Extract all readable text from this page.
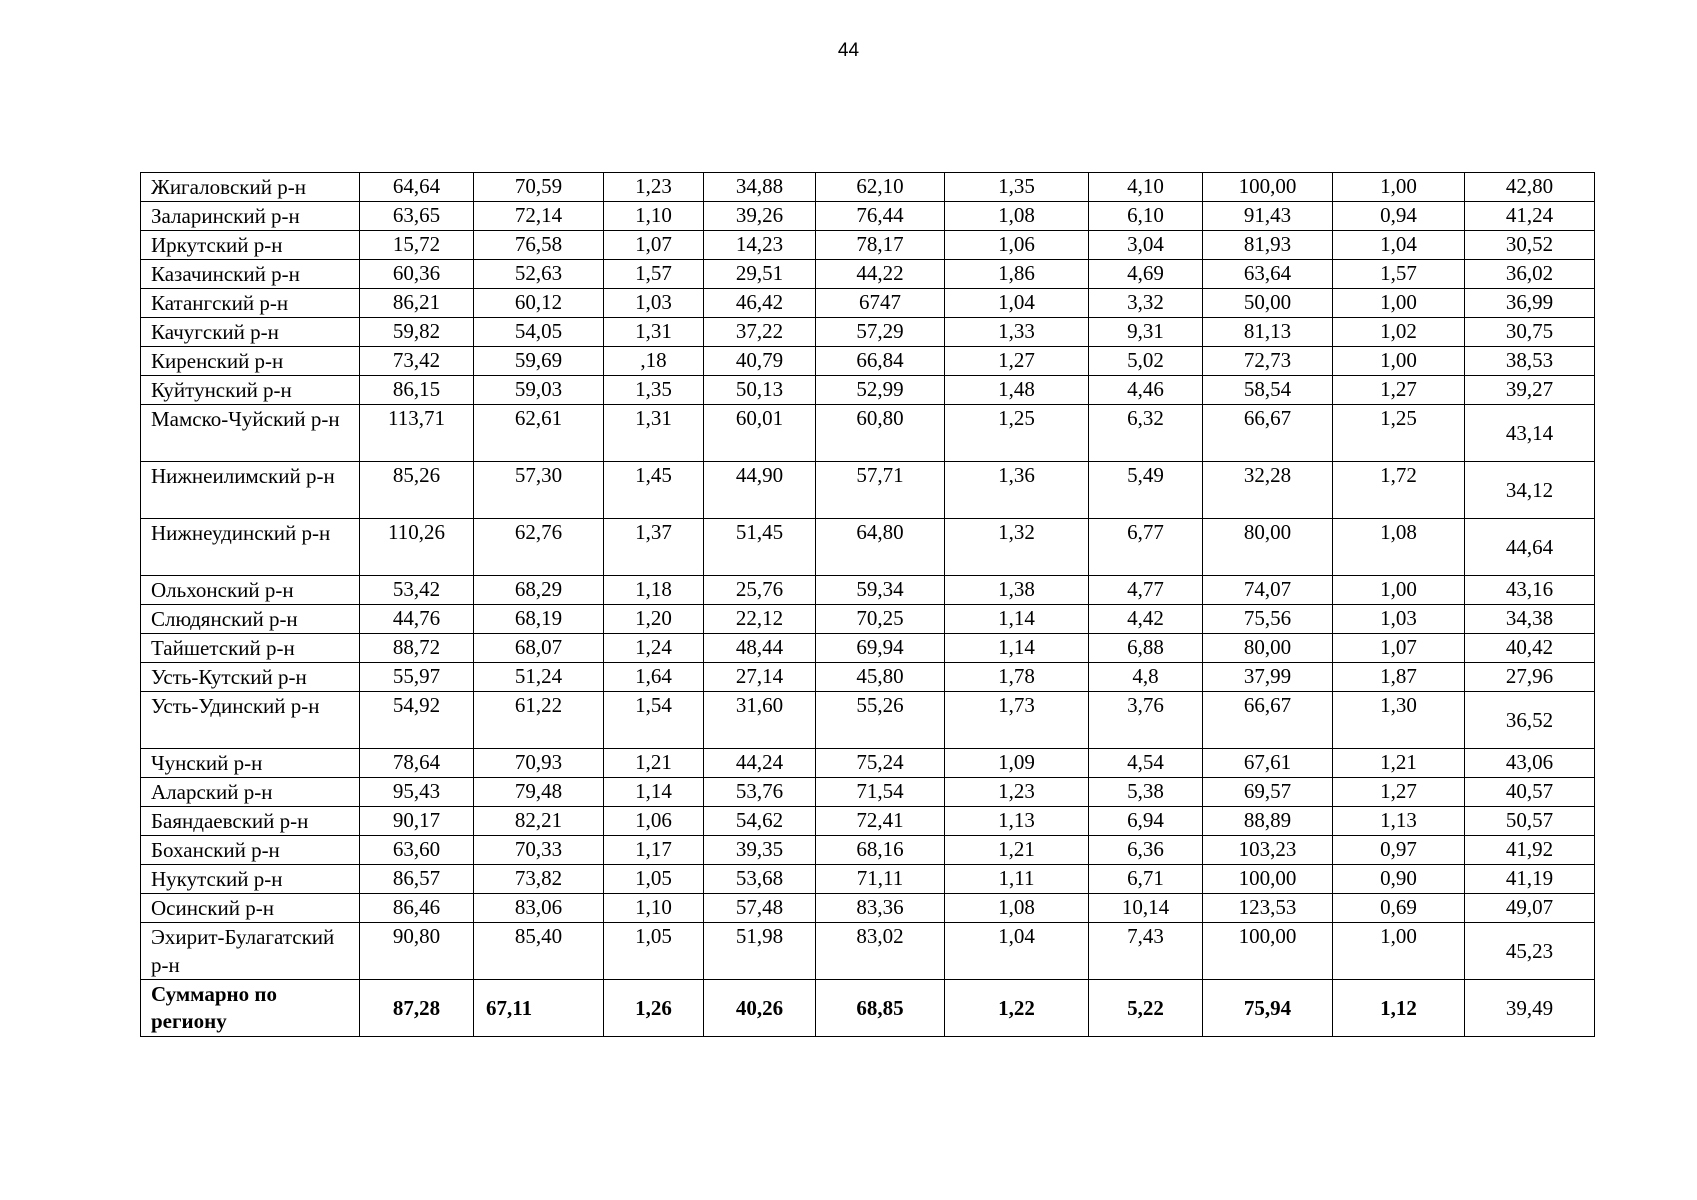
44
Жигаловский р-н	64,64	70,59	1,23	34,88	62,10	1,35	4,10	100,00	1,00	42,80
Заларинский р-н	63,65	72,14	1,10	39,26	76,44	1,08	6,10	91,43	0,94	41,24
Иркутский р-н	15,72	76,58	1,07	14,23	78,17	1,06	3,04	81,93	1,04	30,52
Казачинский р-н	60,36	52,63	1,57	29,51	44,22	1,86	4,69	63,64	1,57	36,02
Катангский р-н	86,21	60,12	1,03	46,42	6747	1,04	3,32	50,00	1,00	36,99
Качугский р-н	59,82	54,05	1,31	37,22	57,29	1,33	9,31	81,13	1,02	30,75
Киренский р-н	73,42	59,69	,18	40,79	66,84	1,27	5,02	72,73	1,00	38,53
Куйтунский р-н	86,15	59,03	1,35	50,13	52,99	1,48	4,46	58,54	1,27	39,27
Мамско-Чуйский р-н	113,71	62,61	1,31	60,01	60,80	1,25	6,32	66,67	1,25	43,14
Нижнеилимский р-н	85,26	57,30	1,45	44,90	57,71	1,36	5,49	32,28	1,72	34,12
Нижнеудинский р-н	110,26	62,76	1,37	51,45	64,80	1,32	6,77	80,00	1,08	44,64
Ольхонский р-н	53,42	68,29	1,18	25,76	59,34	1,38	4,77	74,07	1,00	43,16
Слюдянский р-н	44,76	68,19	1,20	22,12	70,25	1,14	4,42	75,56	1,03	34,38
Тайшетский р-н	88,72	68,07	1,24	48,44	69,94	1,14	6,88	80,00	1,07	40,42
Усть-Кутский р-н	55,97	51,24	1,64	27,14	45,80	1,78	4,8	37,99	1,87	27,96
Усть-Удинский р-н	54,92	61,22	1,54	31,60	55,26	1,73	3,76	66,67	1,30	36,52
Чунский р-н	78,64	70,93	1,21	44,24	75,24	1,09	4,54	67,61	1,21	43,06
Аларский р-н	95,43	79,48	1,14	53,76	71,54	1,23	5,38	69,57	1,27	40,57
Баяндаевский р-н	90,17	82,21	1,06	54,62	72,41	1,13	6,94	88,89	1,13	50,57
Боханский р-н	63,60	70,33	1,17	39,35	68,16	1,21	6,36	103,23	0,97	41,92
Нукутский р-н	86,57	73,82	1,05	53,68	71,11	1,11	6,71	100,00	0,90	41,19
Осинский р-н	86,46	83,06	1,10	57,48	83,36	1,08	10,14	123,53	0,69	49,07
Эхирит-Булагатский р-н	90,80	85,40	1,05	51,98	83,02	1,04	7,43	100,00	1,00	45,23
Суммарно по региону	87,28	67,11	1,26	40,26	68,85	1,22	5,22	75,94	1,12	39,49
